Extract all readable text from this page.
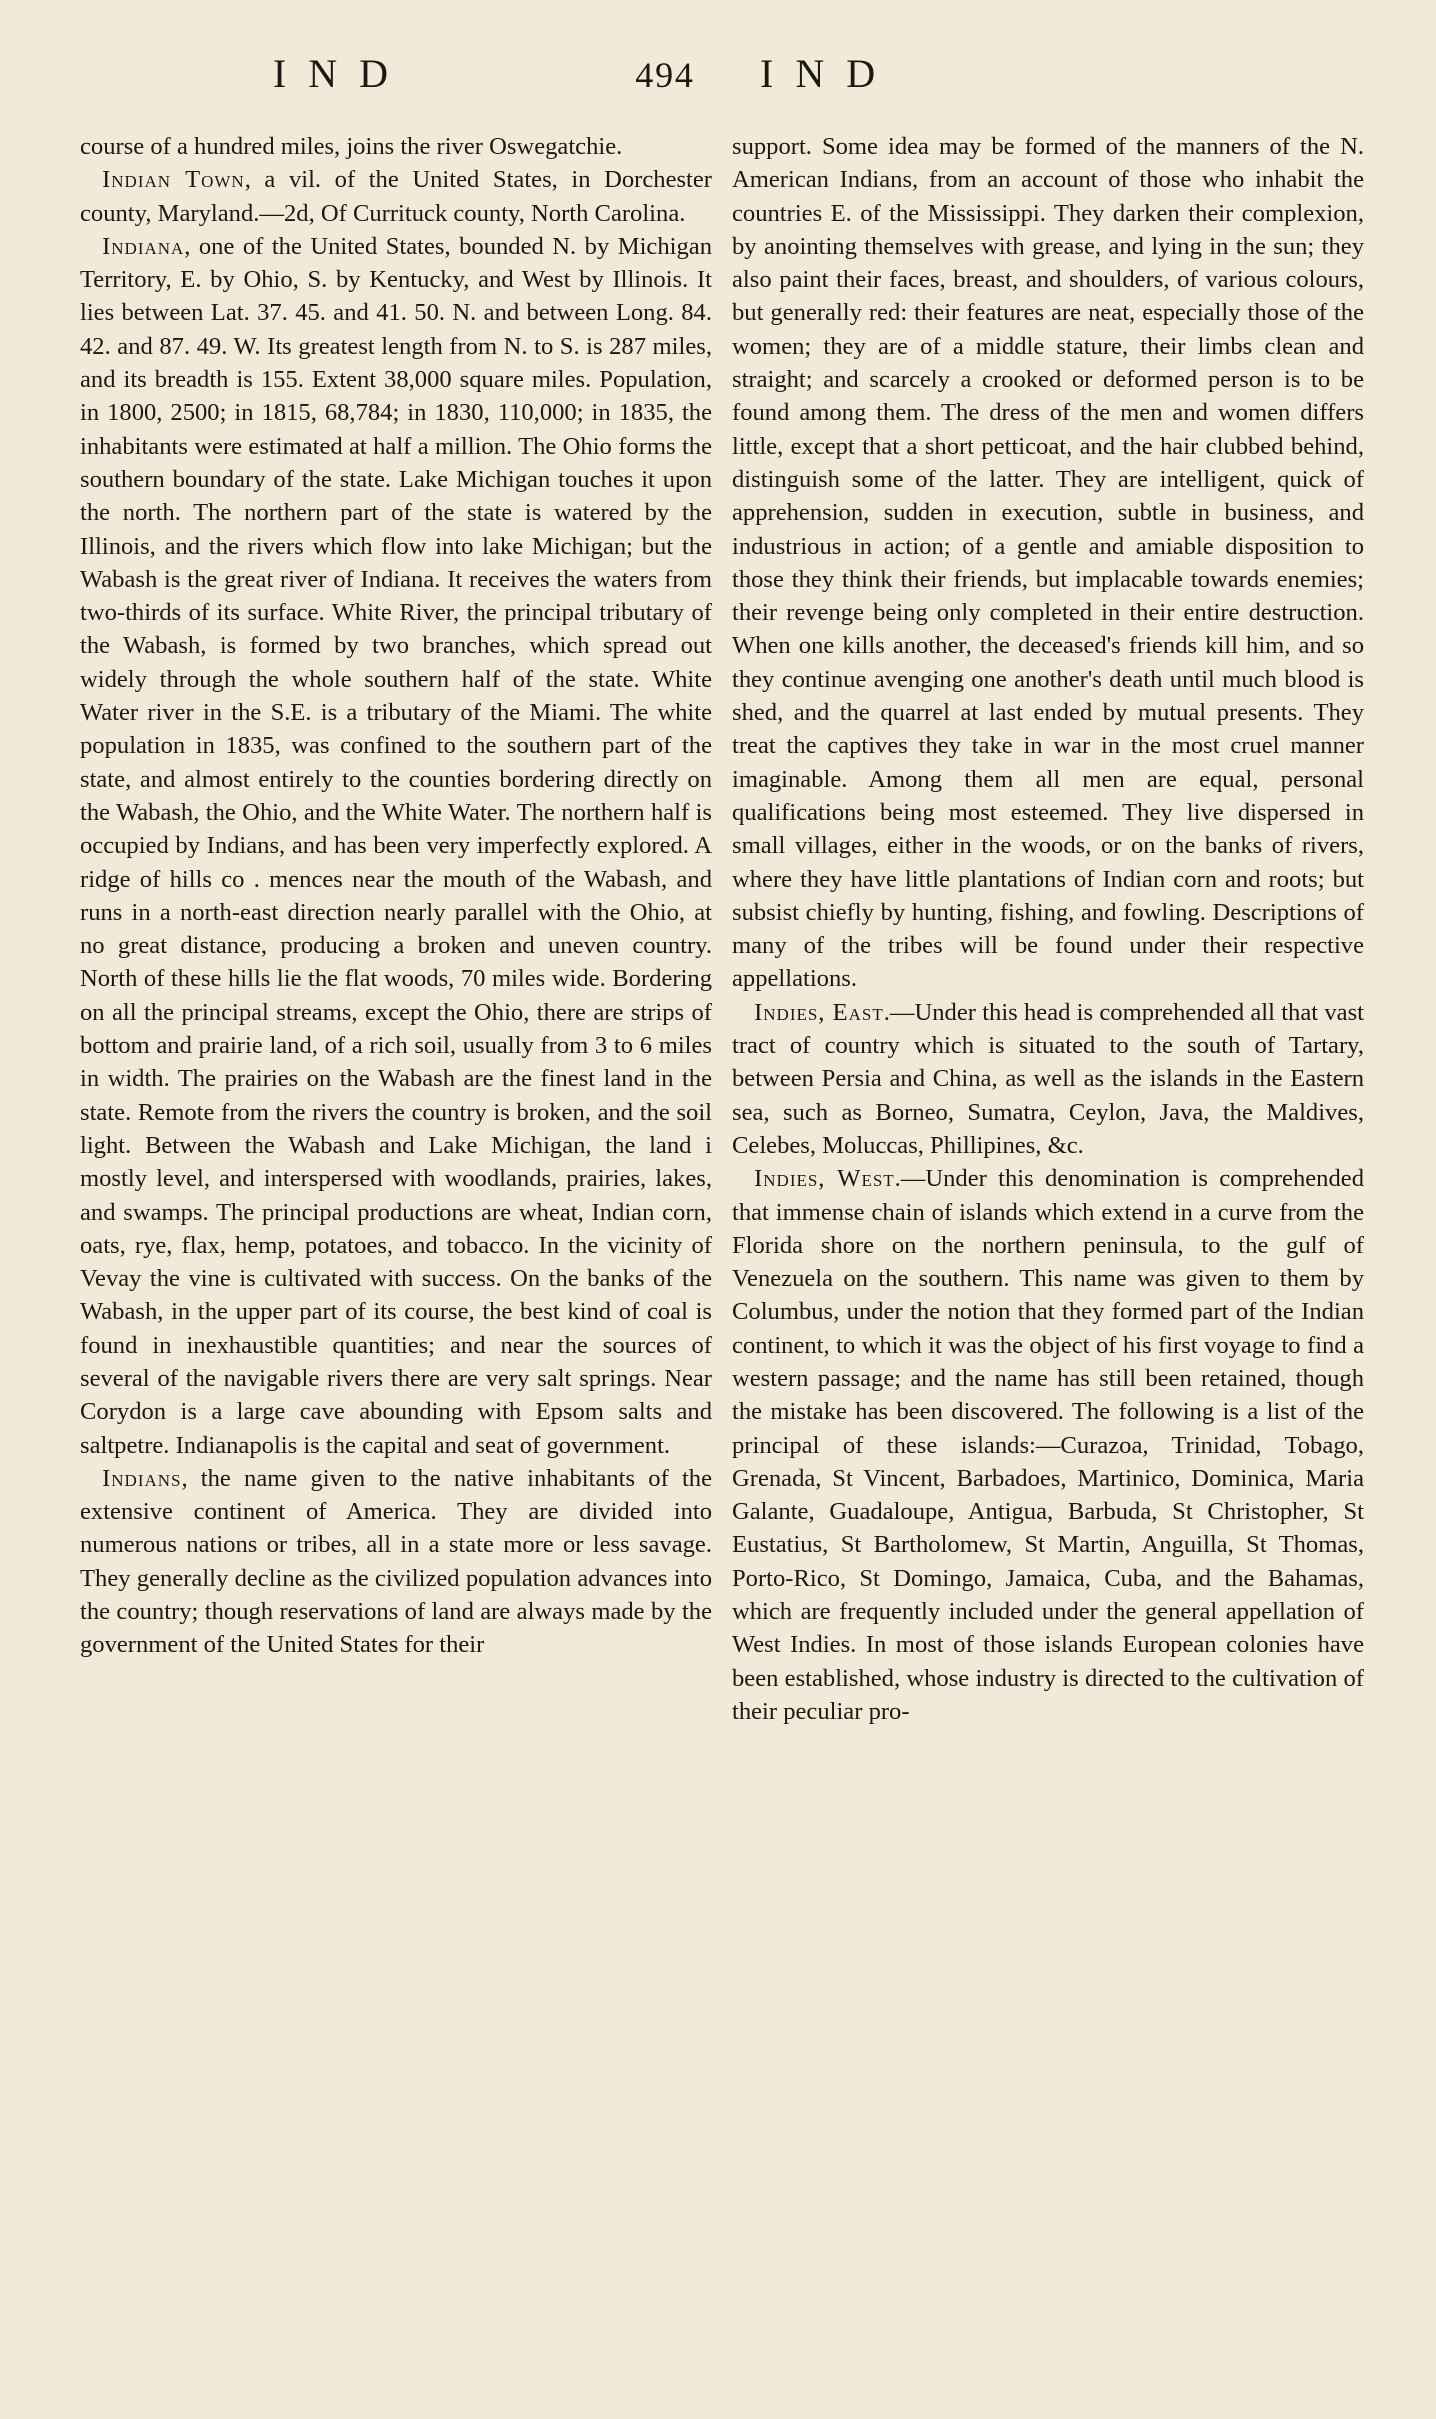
IND	494	IND

course of a hundred miles, joins the river Oswegatchie.

Indian Town, a vil. of the United States, in Dorchester county, Maryland.—2d, Of Currituck county, North Carolina.

Indiana, one of the United States, bounded N. by Michigan Territory, E. by Ohio, S. by Kentucky, and West by Illinois. It lies between Lat. 37. 45. and 41. 50. N. and between Long. 84. 42. and 87. 49. W. Its greatest length from N. to S. is 287 miles, and its breadth is 155. Extent 38,000 square miles. Population, in 1800, 2500; in 1815, 68,784; in 1830, 110,000; in 1835, the inhabitants were estimated at half a million. The Ohio forms the southern boundary of the state. Lake Michigan touches it upon the north. The northern part of the state is watered by the Illinois, and the rivers which flow into lake Michigan; but the Wabash is the great river of Indiana. It receives the waters from two-thirds of its surface. White River, the principal tributary of the Wabash, is formed by two branches, which spread out widely through the whole southern half of the state. White Water river in the S.E. is a tributary of the Miami. The white population in 1835, was confined to the southern part of the state, and almost entirely to the counties bordering directly on the Wabash, the Ohio, and the White Water. The northern half is occupied by Indians, and has been very imperfectly explored. A ridge of hills co . mences near the mouth of the Wabash, and runs in a north-east direction nearly parallel with the Ohio, at no great distance, producing a broken and uneven country. North of these hills lie the flat woods, 70 miles wide. Bordering on all the principal streams, except the Ohio, there are strips of bottom and prairie land, of a rich soil, usually from 3 to 6 miles in width. The prairies on the Wabash are the finest land in the state. Remote from the rivers the country is broken, and the soil light. Between the Wabash and Lake Michigan, the land i mostly level, and interspersed with woodlands, prairies, lakes, and swamps. The principal productions are wheat, Indian corn, oats, rye, flax, hemp, potatoes, and tobacco. In the vicinity of Vevay the vine is cultivated with success. On the banks of the Wabash, in the upper part of its course, the best kind of coal is found in inexhaustible quantities; and near the sources of several of the navigable rivers there are very salt springs. Near Corydon is a large cave abounding with Epsom salts and saltpetre. Indianapolis is the capital and seat of government.

Indians, the name given to the native inhabitants of the extensive continent of America. They are divided into numerous nations or tribes, all in a state more or less savage. They generally decline as the civilized population advances into the country; though reservations of land are always made by the government of the United States for their

support. Some idea may be formed of the manners of the N. American Indians, from an account of those who inhabit the countries E. of the Mississippi. They darken their complexion, by anointing themselves with grease, and lying in the sun; they also paint their faces, breast, and shoulders, of various colours, but generally red: their features are neat, especially those of the women; they are of a middle stature, their limbs clean and straight; and scarcely a crooked or deformed person is to be found among them. The dress of the men and women differs little, except that a short petticoat, and the hair clubbed behind, distinguish some of the latter. They are intelligent, quick of apprehension, sudden in execution, subtle in business, and industrious in action; of a gentle and amiable disposition to those they think their friends, but implacable towards enemies; their revenge being only completed in their entire destruction. When one kills another, the deceased's friends kill him, and so they continue avenging one another's death until much blood is shed, and the quarrel at last ended by mutual presents. They treat the captives they take in war in the most cruel manner imaginable. Among them all men are equal, personal qualifications being most esteemed. They live dispersed in small villages, either in the woods, or on the banks of rivers, where they have little plantations of Indian corn and roots; but subsist chiefly by hunting, fishing, and fowling. Descriptions of many of the tribes will be found under their respective appellations.

Indies, East.—Under this head is comprehended all that vast tract of country which is situated to the south of Tartary, between Persia and China, as well as the islands in the Eastern sea, such as Borneo, Sumatra, Ceylon, Java, the Maldives, Celebes, Moluccas, Phillipines, &c.

Indies, West.—Under this denomination is comprehended that immense chain of islands which extend in a curve from the Florida shore on the northern peninsula, to the gulf of Venezuela on the southern. This name was given to them by Columbus, under the notion that they formed part of the Indian continent, to which it was the object of his first voyage to find a western passage; and the name has still been retained, though the mistake has been discovered. The following is a list of the principal of these islands:—Curazoa, Trinidad, Tobago, Grenada, St Vincent, Barbadoes, Martinico, Dominica, Maria Galante, Guadaloupe, Antigua, Barbuda, St Christopher, St Eustatius, St Bartholomew, St Martin, Anguilla, St Thomas, Porto-Rico, St Domingo, Jamaica, Cuba, and the Bahamas, which are frequently included under the general appellation of West Indies. In most of those islands European colonies have been established, whose industry is directed to the cultivation of their peculiar pro-
